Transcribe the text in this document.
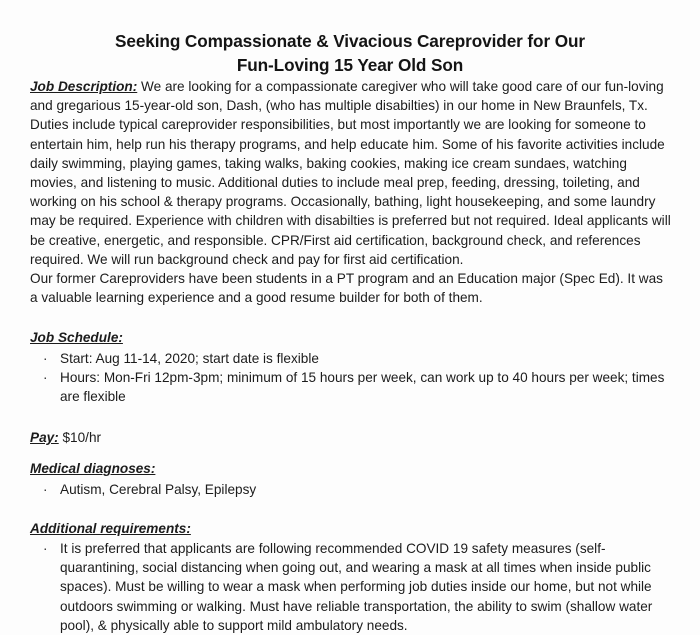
Seeking Compassionate & Vivacious Careprovider for Our
Fun-Loving 15 Year Old Son

Job Description: We are looking for a compassionate caregiver who will take good care of our fun-loving and gregarious 15-year-old son, Dash, (who has multiple disabilties) in our home in New Braunfels, Tx. Duties include typical careprovider responsibilities, but most importantly we are looking for someone to entertain him, help run his therapy programs, and help educate him. Some of his favorite activities include daily swimming, playing games, taking walks, baking cookies, making ice cream sundaes, watching movies, and listening to music. Additional duties to include meal prep, feeding, dressing, toileting, and working on his school & therapy programs. Occasionally, bathing, light housekeeping, and some laundry may be required. Experience with children with disabilties is preferred but not required. Ideal applicants will be creative, energetic, and responsible. CPR/First aid certification, background check, and references required. We will run background check and pay for first aid certification.

Our former Careproviders have been students in a PT program and an Education major (Spec Ed). It was a valuable learning experience and a good resume builder for both of them.

Job Schedule:
· Start: Aug 11-14, 2020; start date is flexible
· Hours: Mon-Fri 12pm-3pm; minimum of 15 hours per week, can work up to 40 hours per week; times are flexible

Pay: $10/hr

Medical diagnoses:
· Autism, Cerebral Palsy, Epilepsy
Additional requirements:
· It is preferred that applicants are following recommended COVID 19 safety measures (self-quarantining, social distancing when going out, and wearing a mask at all times when inside public spaces). Must be willing to wear a mask when performing job duties inside our home, but not while outdoors swimming or walking. Must have reliable transportation, the ability to swim (shallow water pool), & physically able to support mild ambulatory needs.
